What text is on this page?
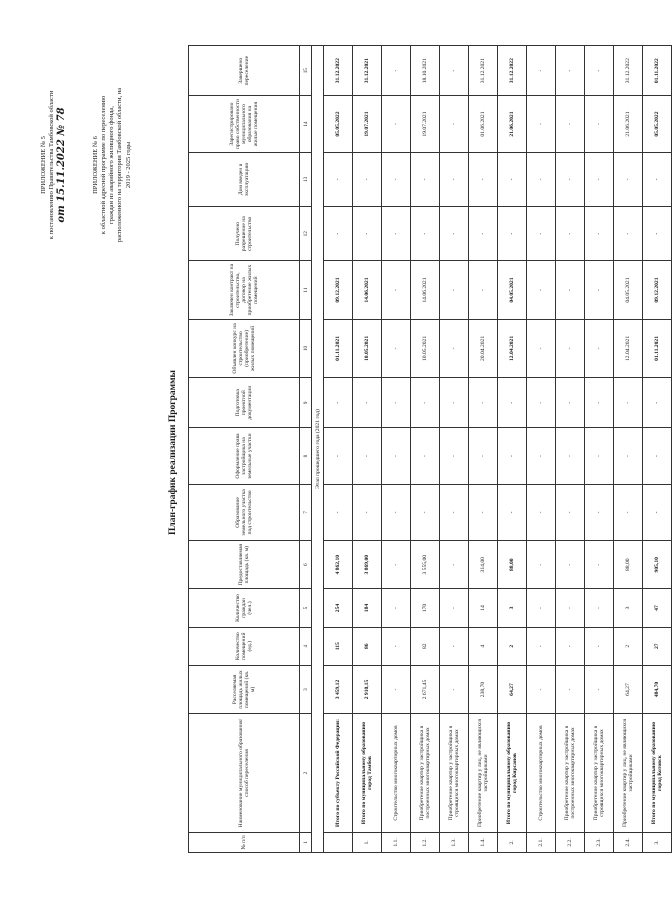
ПРИЛОЖЕНИЕ № 5 к постановлению Правительства Тамбовской области от 15.11.2022 № 78	ПРИЛОЖЕНИЕ № 6 к областной адресной программе по переселению граждан из аварийного жилищного фонда, расположенного на территории Тамбовской области, на 2019 - 2025 годы
План-график реализации Программы
№ п/п	Наименование муниципального образования/ способ переселения	Расселяемая площадь жилых помещений (кв. м)	Количество помещений (ед.)	Количество граждан (чел.)	Предоставляемая площадь (кв. м)	Образование земельного участка под строительство	Оформление права застройщика на земельные участки	Подготовка проектной документации	Объявлен конкурс на строительство (приобретение) жилых помещений	Заключен контракт на строительство, договор на приобретение жилых помещений	Получено разрешение на строительство	Дом введен в эксплуатацию	Зарегистрировано право собственности муниципального образования на жилые помещения	Завершено переселение
1	2	3	4	5	6	7	8	9	10	11	12	13	14	15
Этап прошедшего года (2021 год)														
	Итого по субъекту Российской Федерации:	3 459,12	115	254	4 862,10	-	-	-	01.11.2021	09.12.2021	-	-	05.05.2022	31.12.2022
1.	Итого по муниципальному образованию город Тамбов	2 910,15	86	184	3 869,00	-	-	-	10.05.2021	14.06.2021	-	-	19.07.2021	31.12.2021
1.1.	Строительство многоквартирных домов	-	-	-	-	-	-	-	-	-	-	-	-	-
1.2.	Приобретение квартир у застройщика в построенных многоквартирных домах	2 671,45	82	170	3 555,00	-	-	-	10.05.2021	14.06.2021	-	-	19.07.2021	18.10.2021
1.3.	Приобретение квартир у застройщика в строящихся многоквартирных домах	-	-	-	-	-	-	-	-	-	-	-	-	-
1.4.	Приобретение квартир у лиц, не являющихся застройщиками	238,70	4	14	314,00	-	-	-	20.04.2021	-	-	-	01.06.2021	31.12.2021
2.	Итого по муниципальному образованию город Кирсанов	64,27	2	3	88,00	-	-	-	12.04.2021	04.05.2021	-	-	21.06.2021	31.12.2022
2.1.	Строительство многоквартирных домов	-	-	-	-	-	-	-	-	-	-	-	-	-
2.2.	Приобретение квартир у застройщика в построенных многоквартирных домах	-	-	-	-	-	-	-	-	-	-	-	-	-
2.3.	Приобретение квартир у застройщика в строящихся многоквартирных домах	-	-	-	-	-	-	-	-	-	-	-	-	-
2.4.	Приобретение квартир у лиц, не являющихся застройщиками	64,27	2	3	88,00	-	-	-	12.04.2021	04.05.2021	-	-	21.06.2021	31.12.2022
3.	Итого по муниципальному образованию город Котовск	484,70	27	47	905,10	-	-	-	01.11.2021	09.12.2021	-	-	05.05.2022	01.11.2022
